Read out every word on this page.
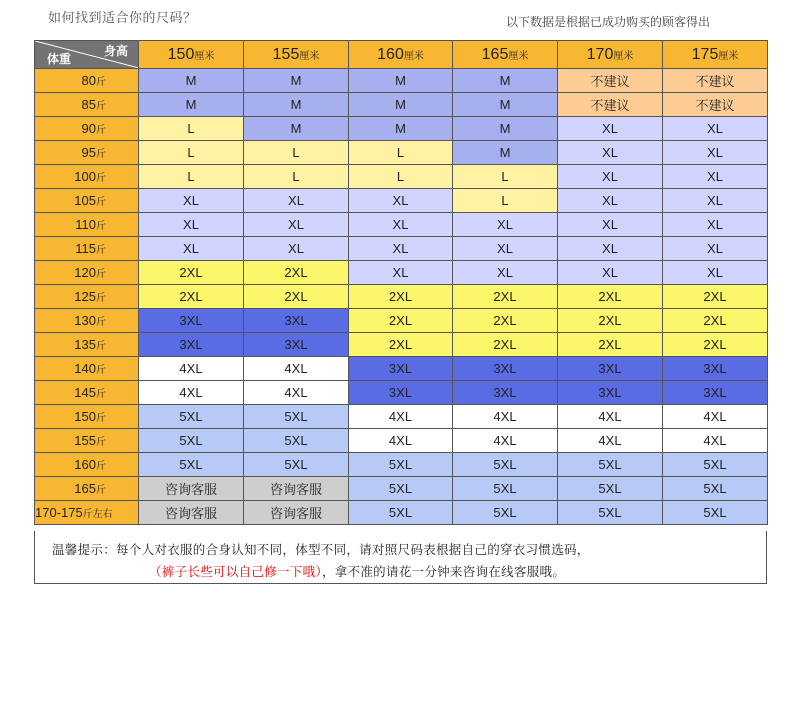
如何找到适合你的尺码？	以下数据是根据已成功购买的顾客得出
身高
体重	150厘米	155厘米	160厘米	165厘米	170厘米	175厘米
80斤	M	M	M	M	不建议	不建议
85斤	M	M	M	M	不建议	不建议
90斤	L	M	M	M	XL	XL
95斤	L	L	L	M	XL	XL
100斤	L	L	L	L	XL	XL
105斤	XL	XL	XL	L	XL	XL
110斤	XL	XL	XL	XL	XL	XL
115斤	XL	XL	XL	XL	XL	XL
120斤	2XL	2XL	XL	XL	XL	XL
125斤	2XL	2XL	2XL	2XL	2XL	2XL
130斤	3XL	3XL	2XL	2XL	2XL	2XL
135斤	3XL	3XL	2XL	2XL	2XL	2XL
140斤	4XL	4XL	3XL	3XL	3XL	3XL
145斤	4XL	4XL	3XL	3XL	3XL	3XL
150斤	5XL	5XL	4XL	4XL	4XL	4XL
155斤	5XL	5XL	4XL	4XL	4XL	4XL
160斤	5XL	5XL	5XL	5XL	5XL	5XL
165斤	咨询客服	咨询客服	5XL	5XL	5XL	5XL
170-175斤左右	咨询客服	咨询客服	5XL	5XL	5XL	5XL
温馨提示：每个人对衣服的合身认知不同，体型不同，请对照尺码表根据自己的穿衣习惯选码，
（裤子长些可以自己修一下哦），拿不准的请花一分钟来咨询在线客服哦。
